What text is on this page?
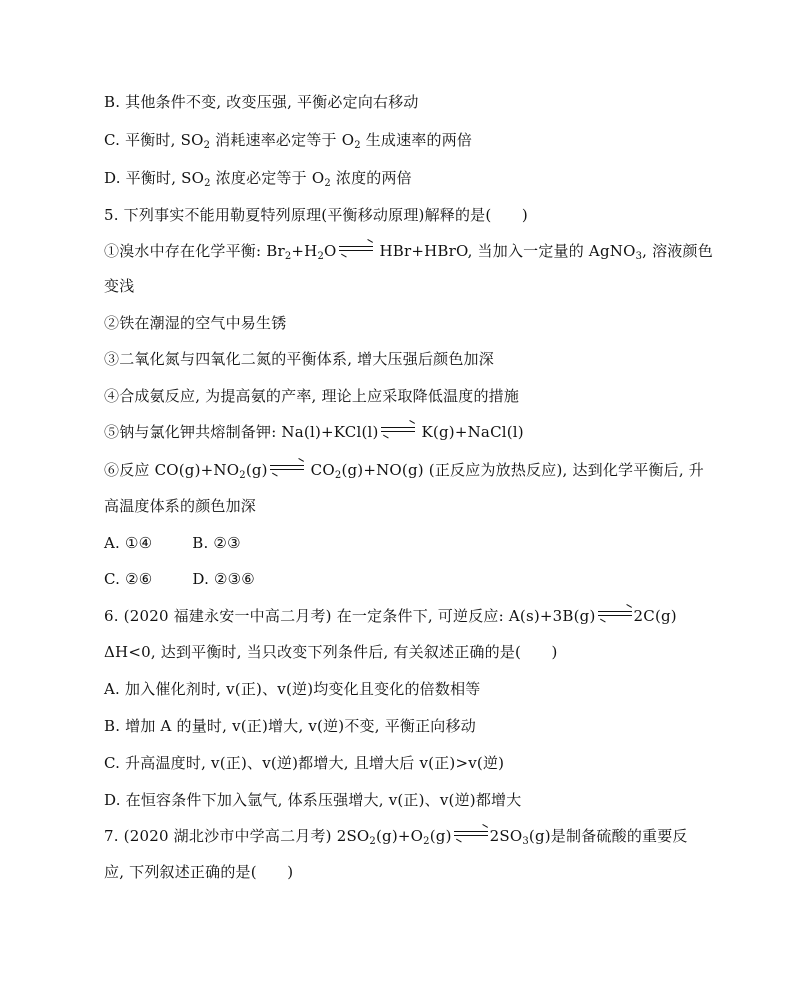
B. 其他条件不变, 改变压强, 平衡必定向右移动
C. 平衡时, $SO_2$ 消耗速率必定等于 $O_2$ 生成速率的两倍
D. 平衡时, $SO_2$ 浓度必定等于 $O_2$ 浓度的两倍
5. 下列事实不能用勒夏特列原理(平衡移动原理)解释的是(　　)
①溴水中存在化学平衡: $Br_2+H_2O$	HBr+HBrO, 当加入一定量的 AgNO$_3$, 溶液颜色
变浅
②铁在潮湿的空气中易生锈
③二氧化氮与四氧化二氮的平衡体系, 增大压强后颜色加深
④合成氨反应, 为提高氨的产率, 理论上应采取降低温度的措施
⑤钠与氯化钾共熔制备钾: Na(l)+KCl(l)	K(g)+NaCl(l)
⑥反应 $CO(g)+NO_2(g)$	$CO_2(g)+NO(g)$ (正反应为放热反应), 达到化学平衡后, 升
高温度体系的颜色加深
A. ①④	B. ②③
C. ②⑥	D. ②③⑥
6. (2020 福建永安一中高二月考) 在一定条件下, 可逆反应: A(s)+3B(g)	2C(g)
ΔH<0, 达到平衡时, 当只改变下列条件后, 有关叙述正确的是(　　)
A. 加入催化剂时, v(正)、v(逆)均变化且变化的倍数相等
B. 增加 A 的量时, v(正)增大, v(逆)不变, 平衡正向移动
C. 升高温度时, v(正)、v(逆)都增大, 且增大后 v(正)>v(逆)
D. 在恒容条件下加入氩气, 体系压强增大, v(正)、v(逆)都增大
7. (2020 湖北沙市中学高二月考) $2SO_2(g)+O_2(g)$	$2SO_3(g)$是制备硫酸的重要反
应, 下列叙述正确的是(　　)
